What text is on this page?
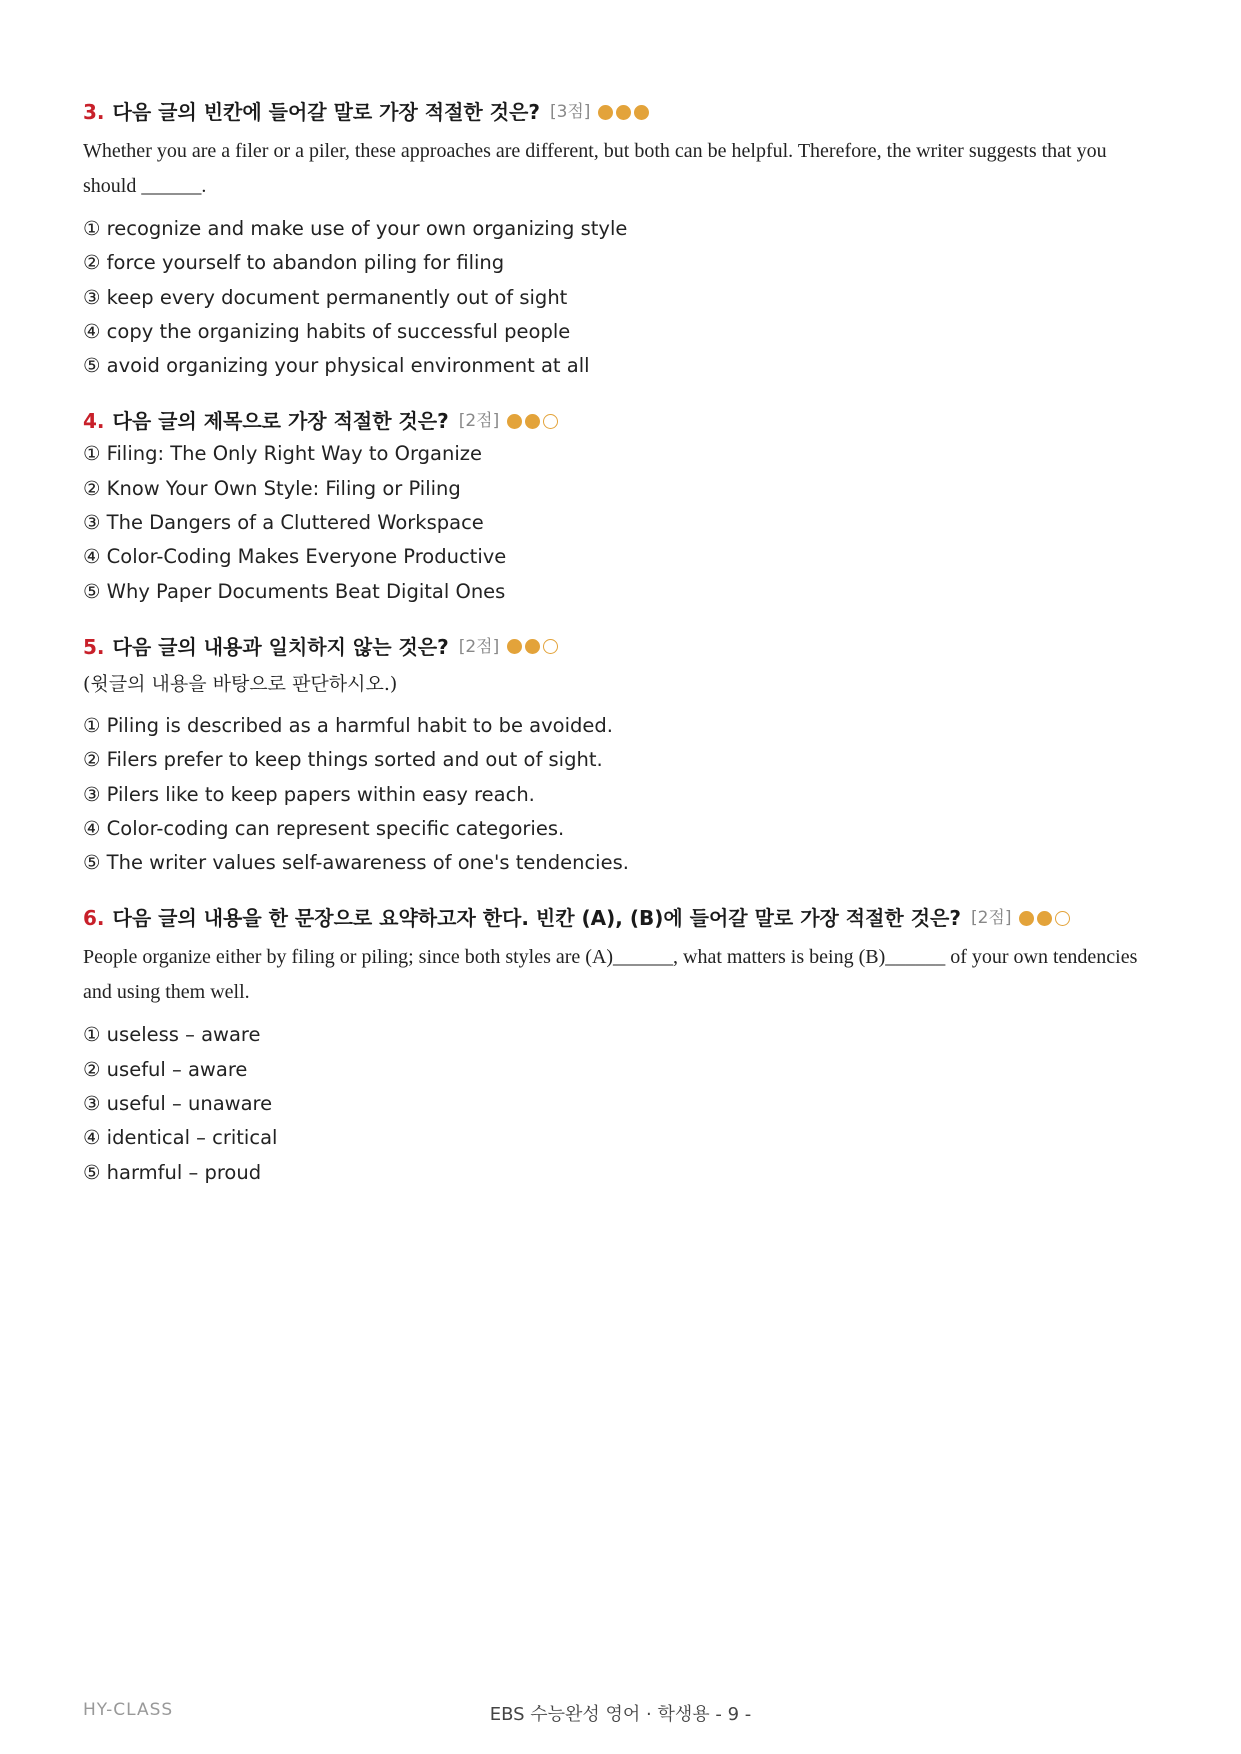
3. 다음 글의 빈칸에 들어갈 말로 가장 적절한 것은? [3점]
Whether you are a filer or a piler, these approaches are different, but both can be helpful. Therefore, the writer suggests that you should ______.
① recognize and make use of your own organizing style
② force yourself to abandon piling for filing
③ keep every document permanently out of sight
④ copy the organizing habits of successful people
⑤ avoid organizing your physical environment at all
4. 다음 글의 제목으로 가장 적절한 것은? [2점]
① Filing: The Only Right Way to Organize
② Know Your Own Style: Filing or Piling
③ The Dangers of a Cluttered Workspace
④ Color-Coding Makes Everyone Productive
⑤ Why Paper Documents Beat Digital Ones
5. 다음 글의 내용과 일치하지 않는 것은? [2점]
(윗글의 내용을 바탕으로 판단하시오.)
① Piling is described as a harmful habit to be avoided.
② Filers prefer to keep things sorted and out of sight.
③ Pilers like to keep papers within easy reach.
④ Color-coding can represent specific categories.
⑤ The writer values self-awareness of one's tendencies.
6. 다음 글의 내용을 한 문장으로 요약하고자 한다. 빈칸 (A), (B)에 들어갈 말로 가장 적절한 것은? [2점]
People organize either by filing or piling; since both styles are (A)______, what matters is being (B)______ of your own tendencies and using them well.
① useless – aware
② useful – aware
③ useful – unaware
④ identical – critical
⑤ harmful – proud
HY-CLASS	EBS 수능완성 영어 · 학생용 - 9 -
